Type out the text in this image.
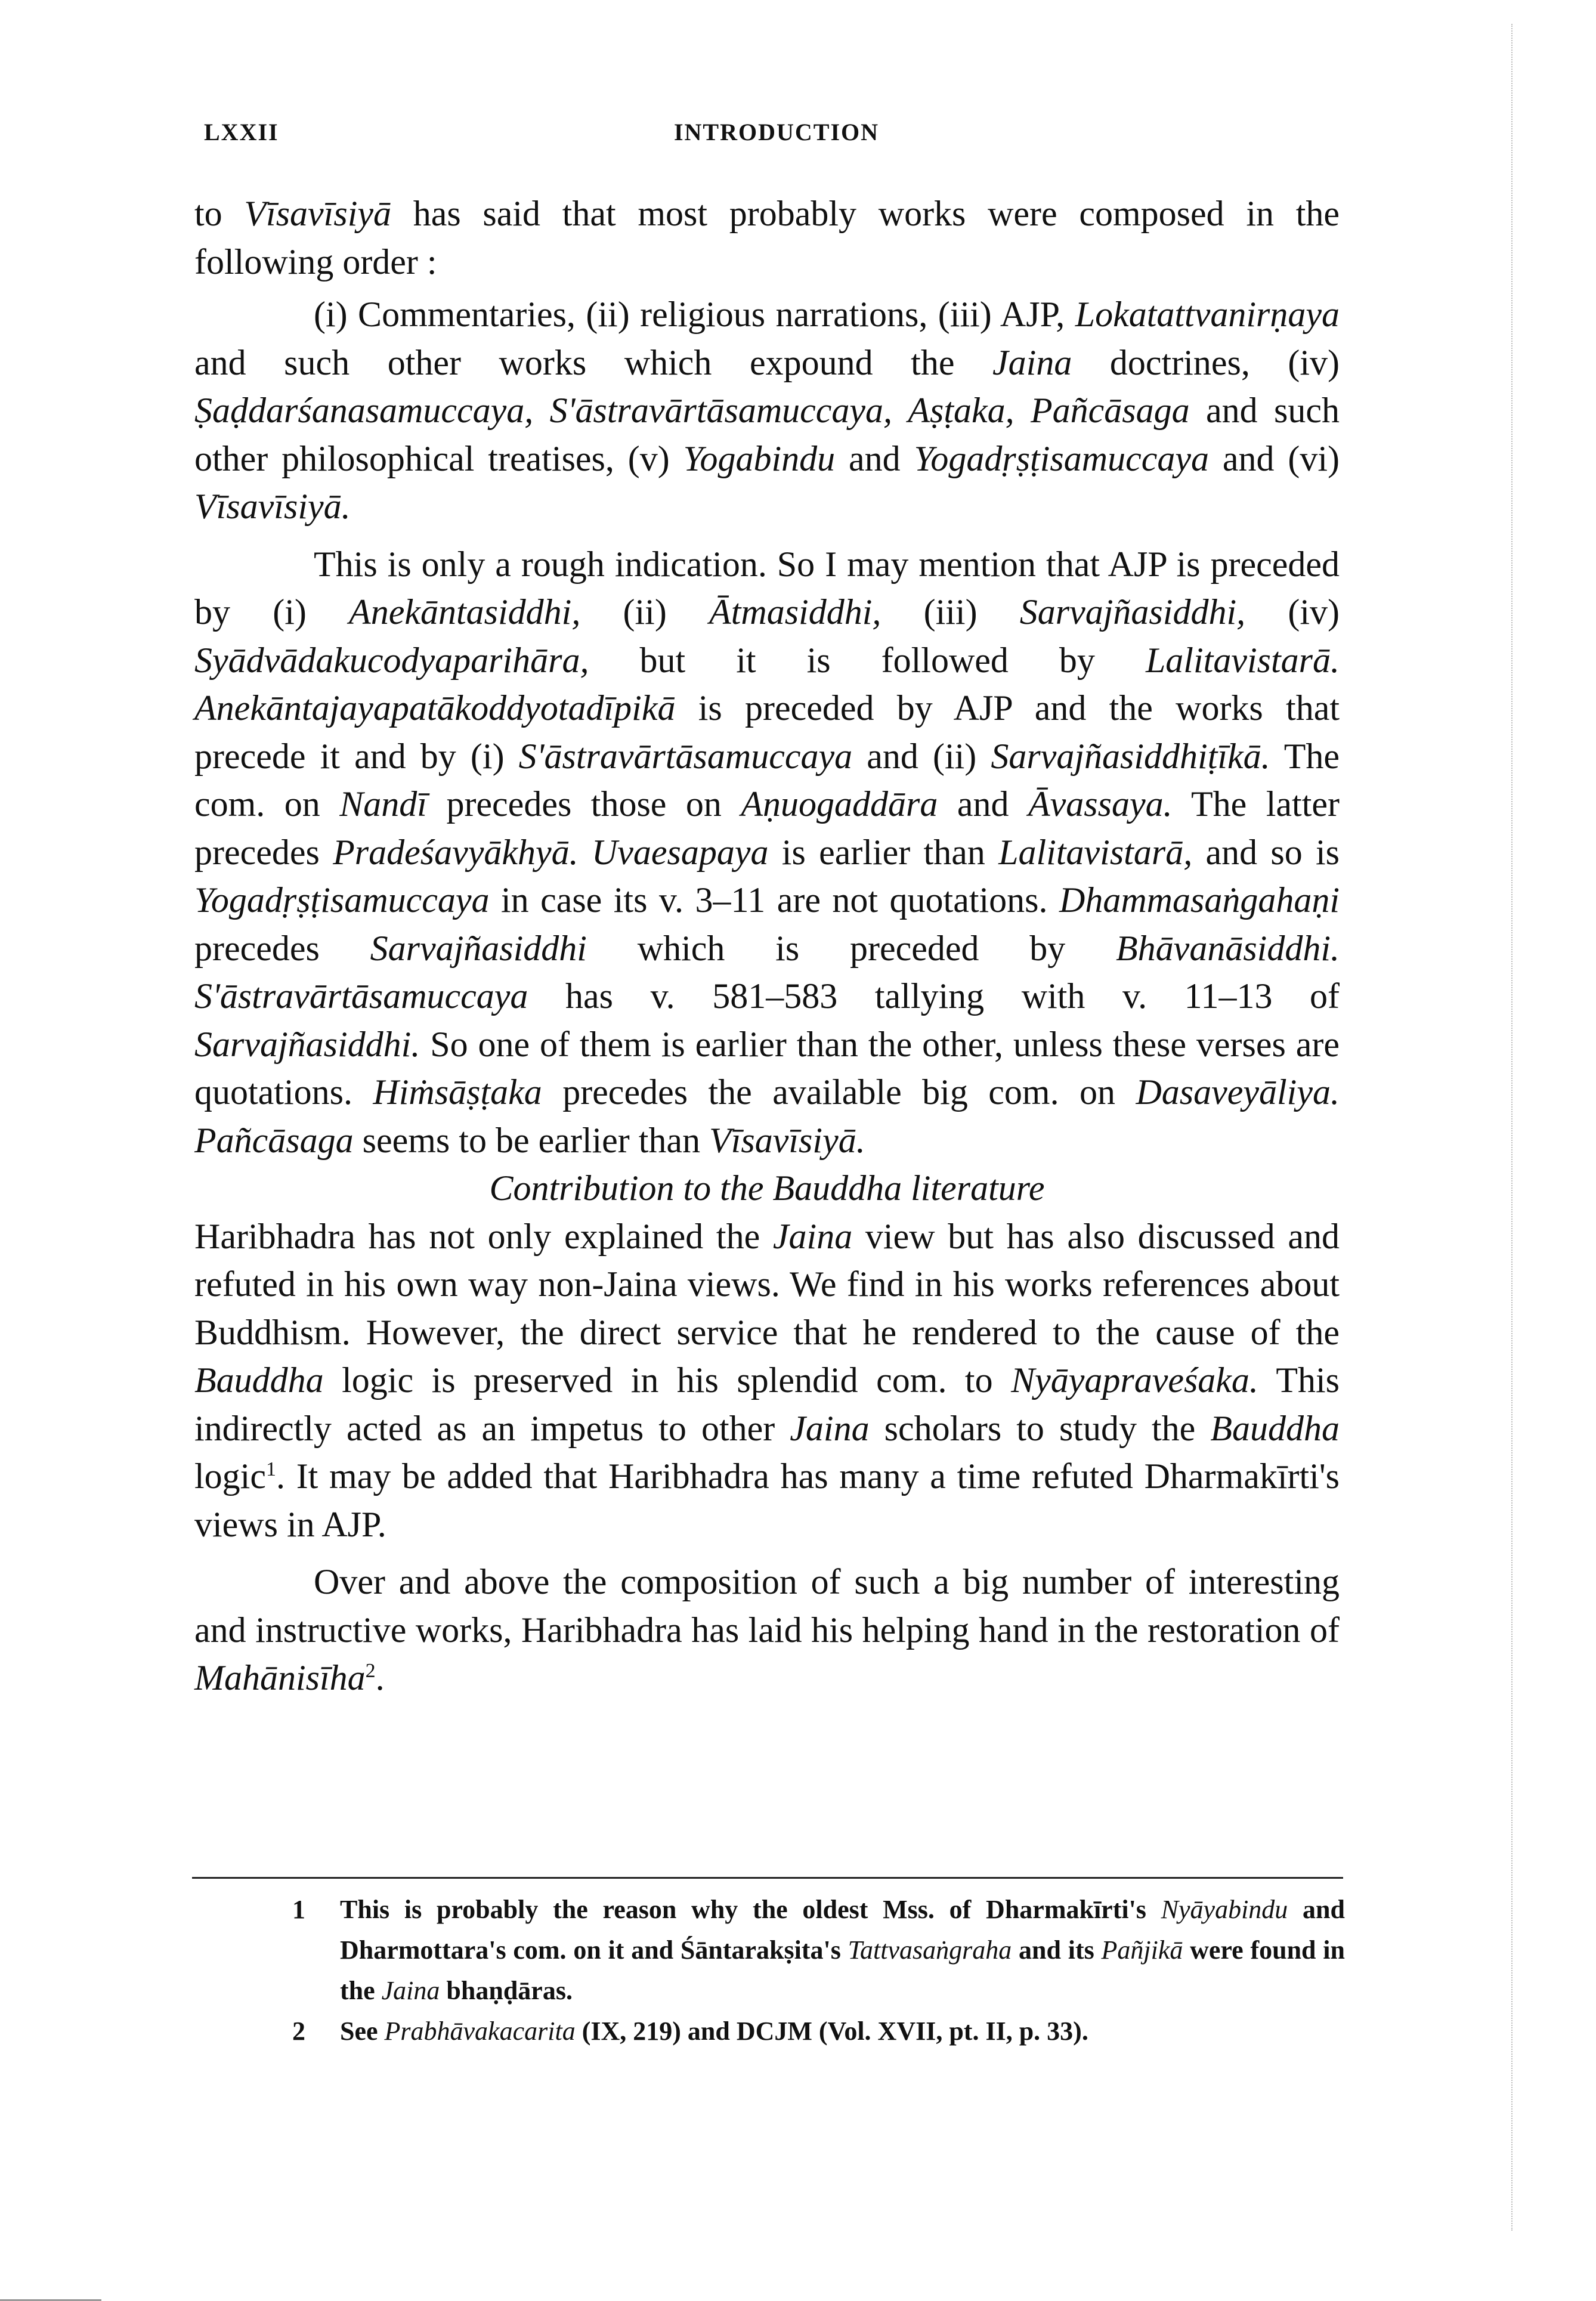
LXXII	INTRODUCTION

to Vīsavīsiyā has said that most probably works were composed in the following order :

(i) Commentaries, (ii) religious narrations, (iii) AJP, Lokatattvanirṇaya and such other works which expound the Jaina doctrines, (iv) Ṣaḍdarśanasamuccaya, S'āstravārtāsamuccaya, Aṣṭaka, Pañcāsaga and such other philosophical treatises, (v) Yogabindu and Yogadṛṣṭisamuccaya and (vi) Vīsavīsiyā.

This is only a rough indication. So I may mention that AJP is preceded by (i) Anekāntasiddhi, (ii) Ātmasiddhi, (iii) Sarvajñasiddhi, (iv) Syādvādakucodyaparihāra, but it is followed by Lalitavistarā. Anekāntajayapatākoddyotadīpikā is preceded by AJP and the works that precede it and by (i) S'āstravārtāsamuccaya and (ii) Sarvajñasiddhiṭīkā. The com. on Nandī precedes those on Aṇuogaddāra and Āvassaya. The latter precedes Pradeśavyākhyā. Uvaesapaya is earlier than Lalitavistarā, and so is Yogadṛṣṭisamuccaya in case its v. 3–11 are not quotations. Dhammasaṅgahaṇi precedes Sarvajñasiddhi which is preceded by Bhāvanāsiddhi. S'āstravārtāsamuccaya has v. 581–583 tallying with v. 11–13 of Sarvajñasiddhi. So one of them is earlier than the other, unless these verses are quotations. Hiṁsāṣṭaka precedes the available big com. on Dasaveyāliya. Pañcāsaga seems to be earlier than Vīsavīsiyā.

Contribution to the Bauddha literature

Haribhadra has not only explained the Jaina view but has also discussed and refuted in his own way non-Jaina views. We find in his works references about Buddhism. However, the direct service that he rendered to the cause of the Bauddha logic is preserved in his splendid com. to Nyāyapraveśaka. This indirectly acted as an impetus to other Jaina scholars to study the Bauddha logic$^1$. It may be added that Haribhadra has many a time refuted Dharmakīrti's views in AJP.

Over and above the composition of such a big number of interesting and instructive works, Haribhadra has laid his helping hand in the restoration of Mahānisīha$^2$.

1 This is probably the reason why the oldest Mss. of Dharmakīrti's Nyāyabindu and Dharmottara's com. on it and Śāntarakṣita's Tattvasaṅgraha and its Pañjikā were found in the Jaina bhaṇḍāras.

2 See Prabhāvakacarita (IX, 219) and DCJM (Vol. XVII, pt. II, p. 33).
